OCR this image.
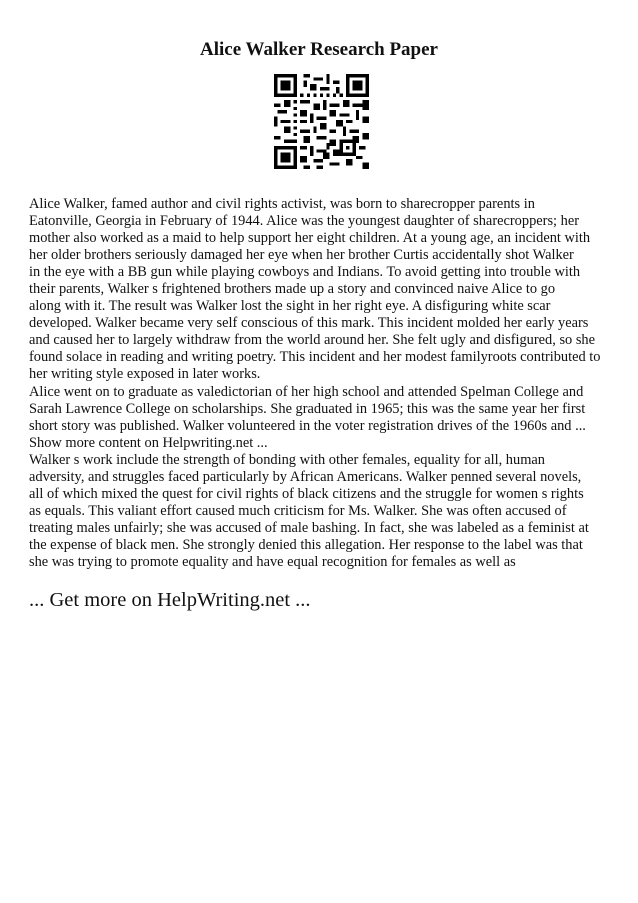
Alice Walker Research Paper
Alice Walker, famed author and civil rights activist, was born to sharecropper parents in
Eatonville, Georgia in February of 1944. Alice was the youngest daughter of sharecroppers; her
mother also worked as a maid to help support her eight children. At a young age, an incident with
her older brothers seriously damaged her eye when her brother Curtis accidentally shot Walker
in the eye with a BB gun while playing cowboys and Indians. To avoid getting into trouble with
their parents, Walker s frightened brothers made up a story and convinced naive Alice to go
along with it. The result was Walker lost the sight in her right eye. A disfiguring white scar
developed. Walker became very self conscious of this mark. This incident molded her early years
and caused her to largely withdraw from the world around her. She felt ugly and disfigured, so she
found solace in reading and writing poetry. This incident and her modest familyroots contributed to
her writing style exposed in later works.
Alice went on to graduate as valedictorian of her high school and attended Spelman College and
Sarah Lawrence College on scholarships. She graduated in 1965; this was the same year her first
short story was published. Walker volunteered in the voter registration drives of the 1960s and ...
Show more content on Helpwriting.net ...
Walker s work include the strength of bonding with other females, equality for all, human
adversity, and struggles faced particularly by African Americans. Walker penned several novels,
all of which mixed the quest for civil rights of black citizens and the struggle for women s rights
as equals. This valiant effort caused much criticism for Ms. Walker. She was often accused of
treating males unfairly; she was accused of male bashing. In fact, she was labeled as a feminist at
the expense of black men. She strongly denied this allegation. Her response to the label was that
she was trying to promote equality and have equal recognition for females as well as
... Get more on HelpWriting.net ...
